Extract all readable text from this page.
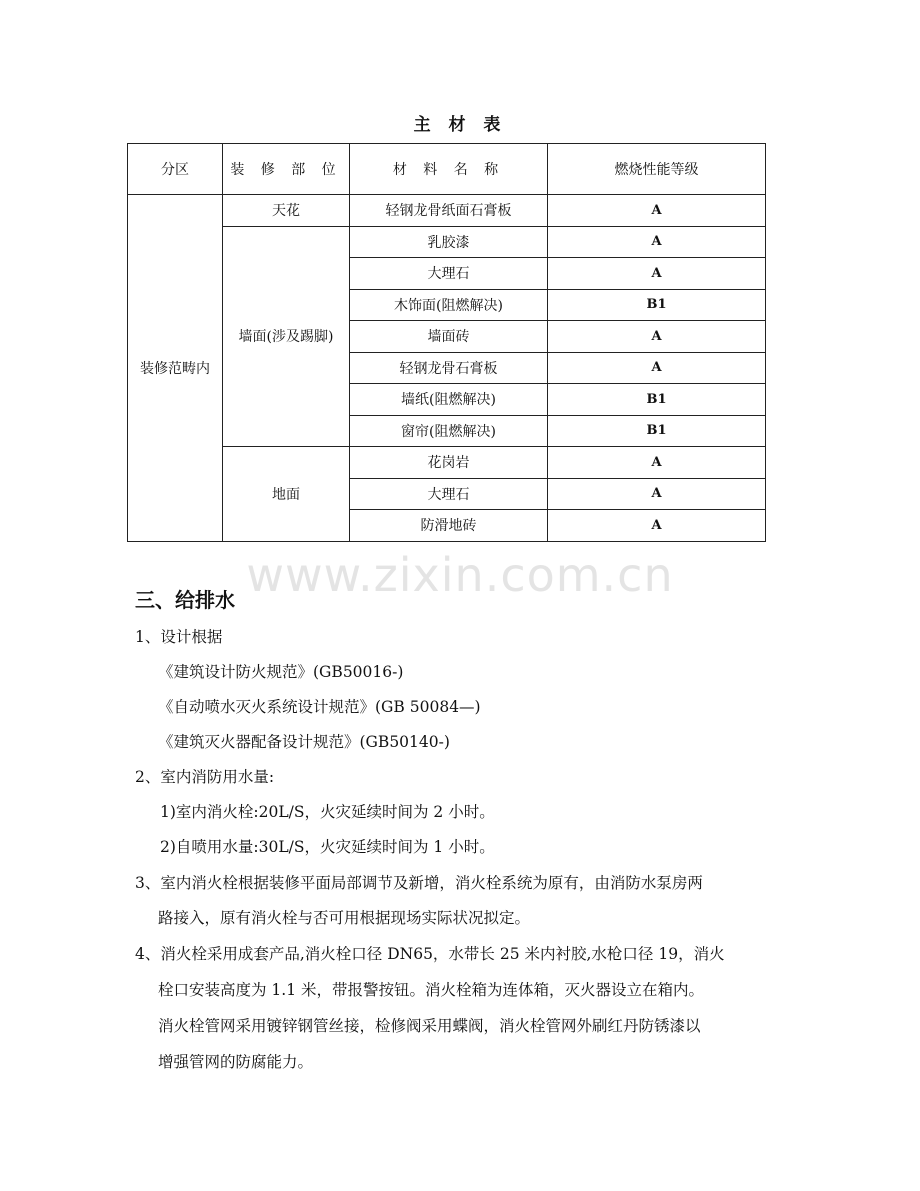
主 材 表
分区	装 修 部 位	材 料 名 称	燃烧性能等级
装修范畴内	天花	轻钢龙骨纸面石膏板	A
	墙面(涉及踢脚)	乳胶漆	A
		大理石	A
		木饰面(阻燃解决)	B1
		墙面砖	A
		轻钢龙骨石膏板	A
		墙纸(阻燃解决)	B1
		窗帘(阻燃解决)	B1
	地面	花岗岩	A
		大理石	A
		防滑地砖	A
www.zixin.com.cn
三、给排水
1、设计根据
《建筑设计防火规范》(GB50016-)
《自动喷水灭火系统设计规范》(GB 50084—)
《建筑灭火器配备设计规范》(GB50140-)
2、室内消防用水量:
1)室内消火栓:20L/S，火灾延续时间为 2 小时。
2)自喷用水量:30L/S，火灾延续时间为 1 小时。
3、室内消火栓根据装修平面局部调节及新增，消火栓系统为原有，由消防水泵房两
路接入，原有消火栓与否可用根据现场实际状况拟定。
4、消火栓采用成套产品,消火栓口径 DN65，水带长 25 米内衬胶,水枪口径 19，消火
栓口安装高度为 1.1 米，带报警按钮。消火栓箱为连体箱，灭火器设立在箱内。
消火栓管网采用镀锌钢管丝接，检修阀采用蝶阀，消火栓管网外刷红丹防锈漆以
增强管网的防腐能力。
